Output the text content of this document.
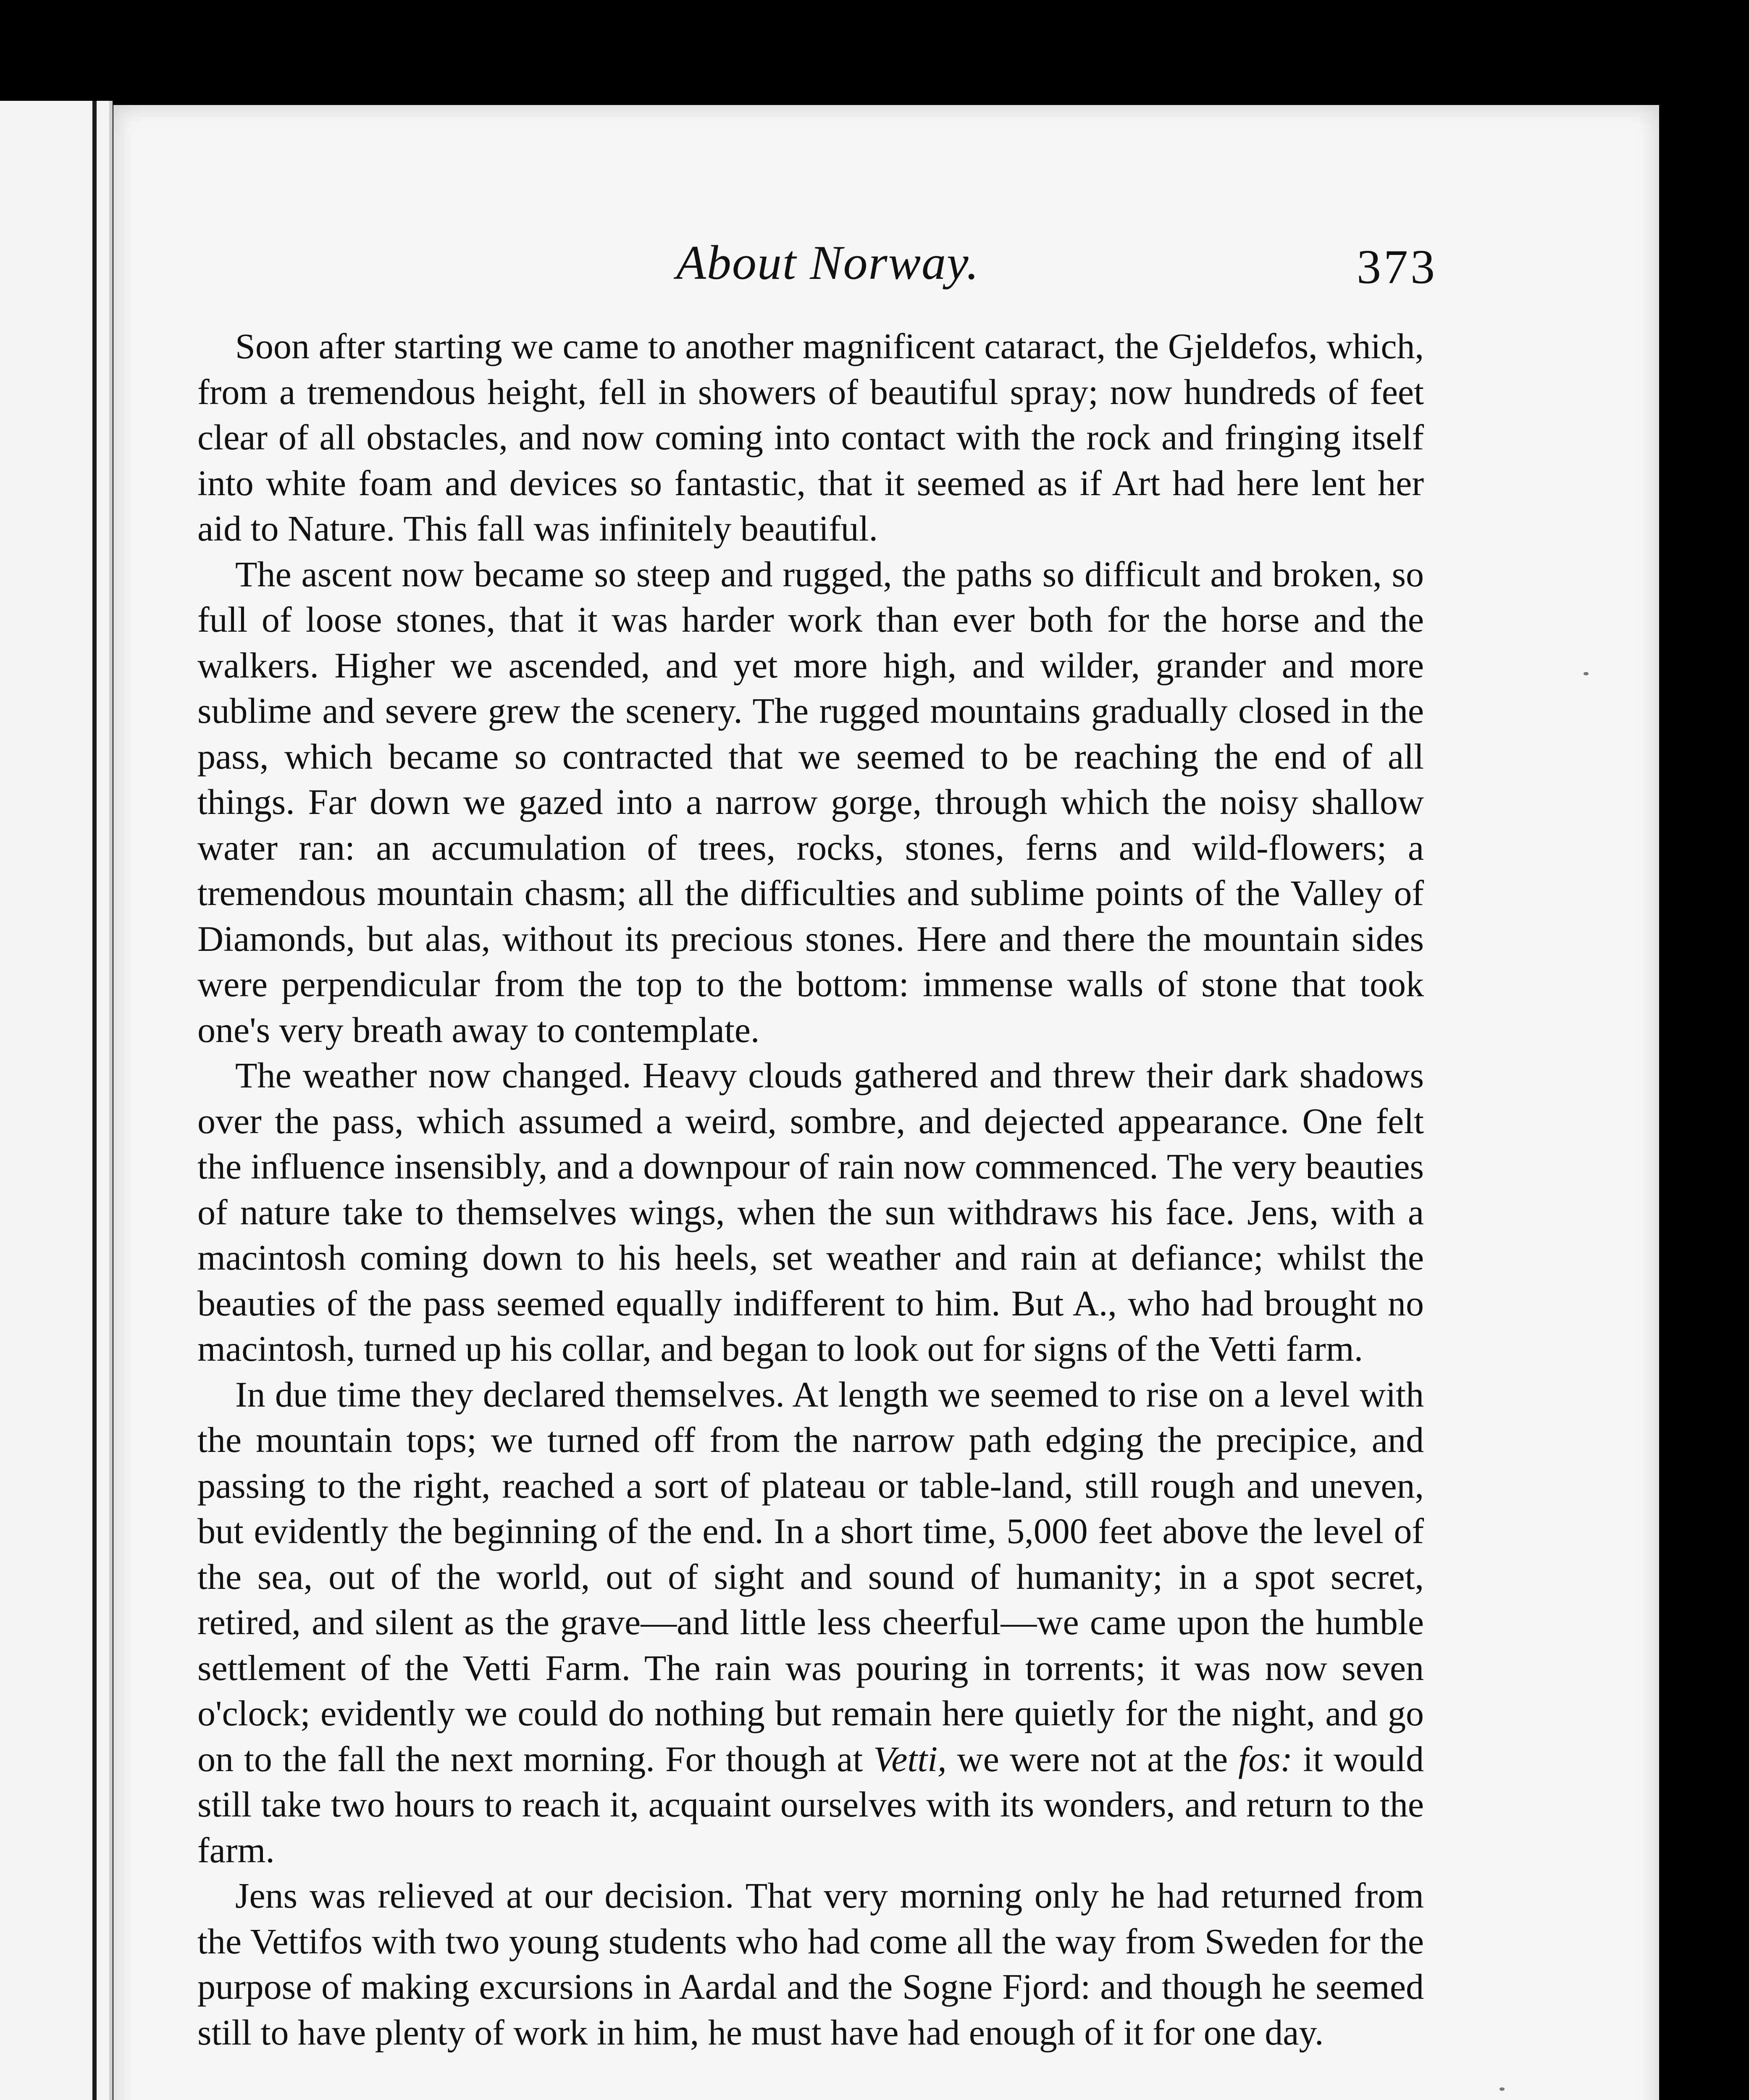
About Norway.	373

Soon after starting we came to another magnificent cataract, the Gjeldefos, which, from a tremendous height, fell in showers of beautiful spray; now hundreds of feet clear of all obstacles, and now coming into contact with the rock and fringing itself into white foam and devices so fantastic, that it seemed as if Art had here lent her aid to Nature. This fall was infinitely beautiful.

The ascent now became so steep and rugged, the paths so difficult and broken, so full of loose stones, that it was harder work than ever both for the horse and the walkers. Higher we ascended, and yet more high, and wilder, grander and more sublime and severe grew the scenery. The rugged mountains gradually closed in the pass, which became so contracted that we seemed to be reaching the end of all things. Far down we gazed into a narrow gorge, through which the noisy shallow water ran: an accumulation of trees, rocks, stones, ferns and wild-flowers; a tremendous mountain chasm; all the difficulties and sublime points of the Valley of Diamonds, but alas, without its precious stones. Here and there the mountain sides were perpendicular from the top to the bottom: immense walls of stone that took one's very breath away to contemplate.

The weather now changed. Heavy clouds gathered and threw their dark shadows over the pass, which assumed a weird, sombre, and dejected appearance. One felt the influence insensibly, and a downpour of rain now commenced. The very beauties of nature take to themselves wings, when the sun withdraws his face. Jens, with a macintosh coming down to his heels, set weather and rain at defiance; whilst the beauties of the pass seemed equally indifferent to him. But A., who had brought no macintosh, turned up his collar, and began to look out for signs of the Vetti farm.

In due time they declared themselves. At length we seemed to rise on a level with the mountain tops; we turned off from the narrow path edging the precipice, and passing to the right, reached a sort of plateau or table-land, still rough and uneven, but evidently the beginning of the end. In a short time, 5,000 feet above the level of the sea, out of the world, out of sight and sound of humanity; in a spot secret, retired, and silent as the grave—and little less cheerful—we came upon the humble settlement of the Vetti Farm. The rain was pouring in torrents; it was now seven o'clock; evidently we could do nothing but remain here quietly for the night, and go on to the fall the next morning. For though at Vetti, we were not at the fos: it would still take two hours to reach it, acquaint ourselves with its wonders, and return to the farm.

Jens was relieved at our decision. That very morning only he had returned from the Vettifos with two young students who had come all the way from Sweden for the purpose of making excursions in Aardal and the Sogne Fjord: and though he seemed still to have plenty of work in him, he must have had enough of it for one day.
